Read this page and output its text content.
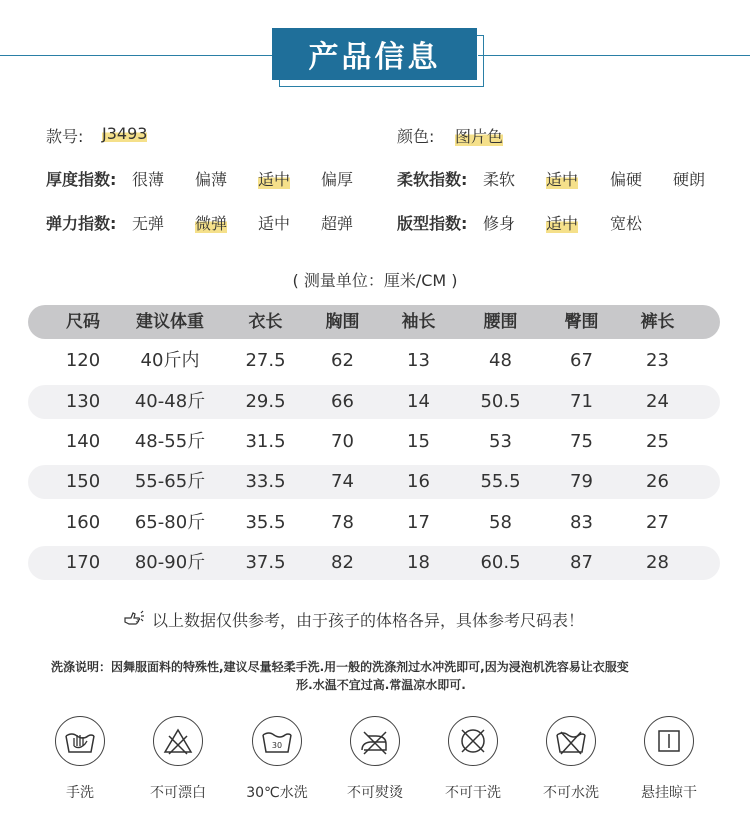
产品信息
款号: J3493	颜色: 图片色
厚度指数: 很薄 偏薄 适中 偏厚	柔软指数: 柔软 适中 偏硬 硬朗
弹力指数: 无弹 微弹 适中 超弹	版型指数: 修身 适中 宽松
( 测量单位：厘米/CM )
尺码	建议体重	衣长	胸围	袖长	腰围	臀围	裤长
120	40斤内	27.5	62	13	48	67	23
130	40-48斤	29.5	66	14	50.5	71	24
140	48-55斤	31.5	70	15	53	75	25
150	55-65斤	33.5	74	16	55.5	79	26
160	65-80斤	35.5	78	17	58	83	27
170	80-90斤	37.5	82	18	60.5	87	28
以上数据仅供参考，由于孩子的体格各异，具体参考尺码表！
洗涤说明：因舞服面料的特殊性,建议尽量轻柔手洗.用一般的洗涤剂过水冲洗即可,因为浸泡机洗容易让衣服变
形.水温不宜过高.常温凉水即可.
手洗	不可漂白
30
30℃水洗	不可熨烫	不可干洗	不可水洗	悬挂晾干
